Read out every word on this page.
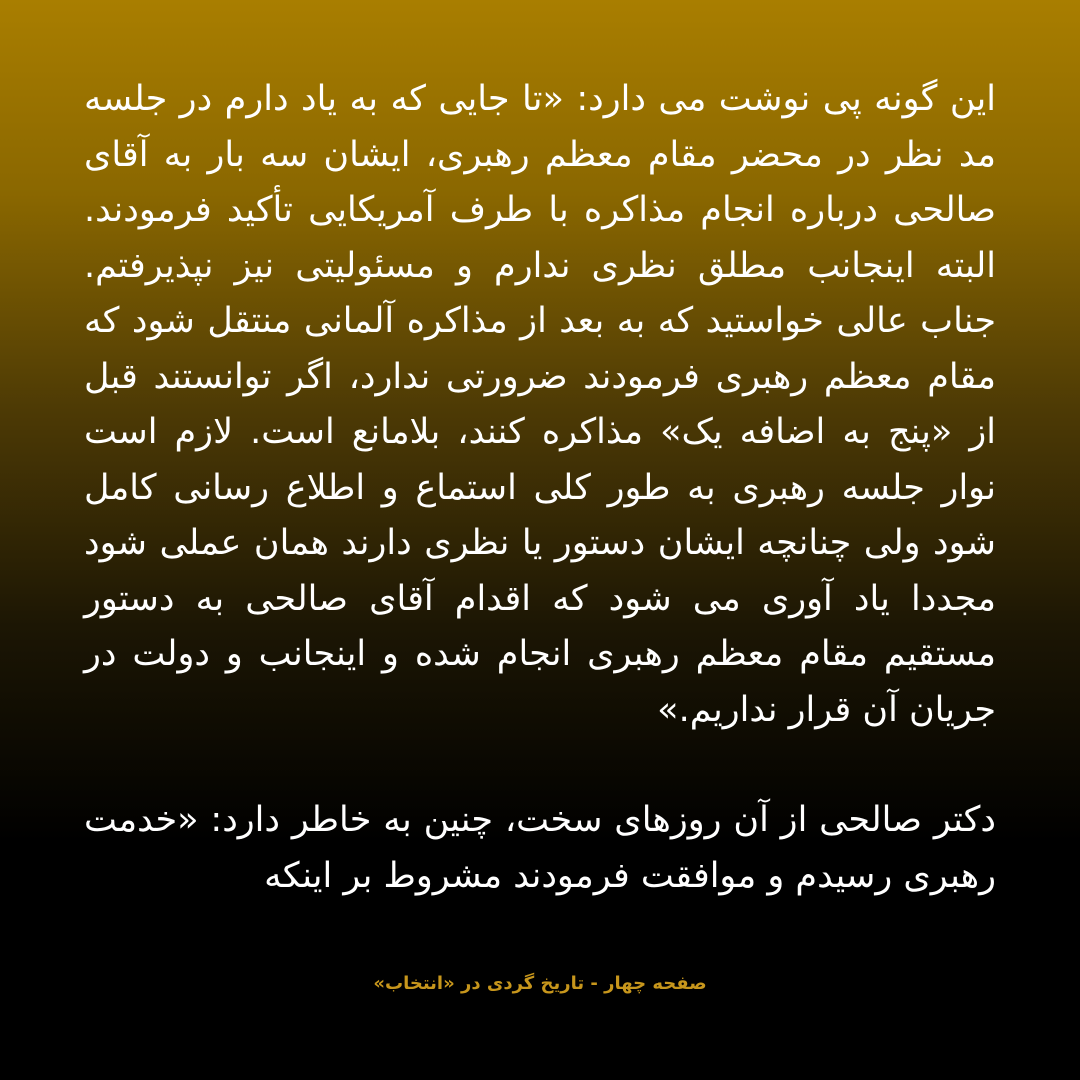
این گونه پی نوشت می دارد: «تا جایی که به یاد دارم در جلسه مد نظر در محضر مقام معظم رهبری، ایشان سه بار به آقای صالحی درباره انجام مذاکره با طرف آمریکایی تأکید فرمودند. البته اینجانب مطلق نظری ندارم و مسئولیتی نیز نپذیرفتم. جناب عالی خواستید که به بعد از مذاکره آلمانی منتقل شود که مقام معظم رهبری فرمودند ضرورتی ندارد، اگر توانستند قبل از «پنج به اضافه یک» مذاکره کنند، بلامانع است. لازم است نوار جلسه رهبری به طور کلی استماع و اطلاع رسانی کامل شود ولی چنانچه ایشان دستور یا نظری دارند همان عملی شود مجددا یاد آوری می شود که اقدام آقای صالحی به دستور مستقیم مقام معظم رهبری انجام شده و اینجانب و دولت در جریان آن قرار نداریم.»

دکتر صالحی از آن روزهای سخت، چنین به خاطر دارد: «خدمت رهبری رسیدم و موافقت فرمودند مشروط بر اینکه

صفحه چهار - تاریخ گردی در «انتخاب»
